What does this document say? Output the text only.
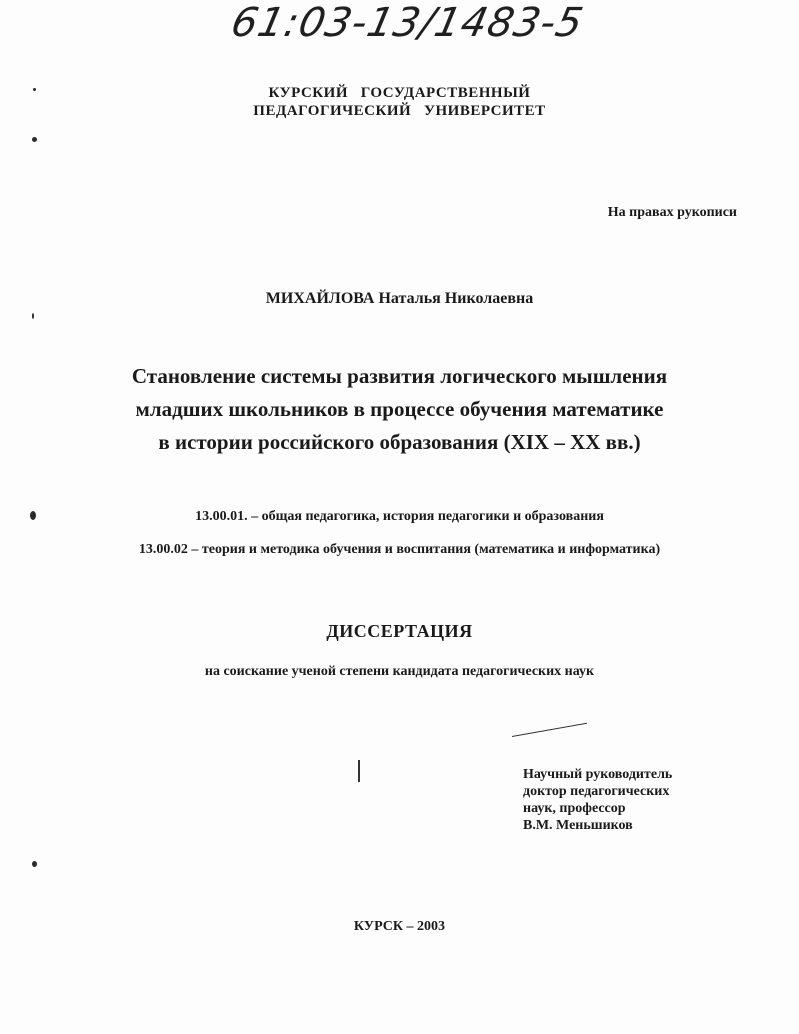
61:03-13/1483-5
КУРСКИЙ   ГОСУДАРСТВЕННЫЙ
ПЕДАГОГИЧЕСКИЙ   УНИВЕРСИТЕТ
На правах рукописи
МИХАЙЛОВА Наталья Николаевна
Становление системы развития логического мышления
младших школьников в процессе обучения математике
в истории российского образования (XIX – XX вв.)
13.00.01. – общая педагогика, история педагогики и образования
13.00.02 – теория и методика обучения и воспитания (математика и информатика)
ДИССЕРТАЦИЯ
на соискание ученой степени кандидата педагогических наук
Научный руководитель
доктор педагогических
наук, профессор
В.М. Меньшиков
КУРСК – 2003
